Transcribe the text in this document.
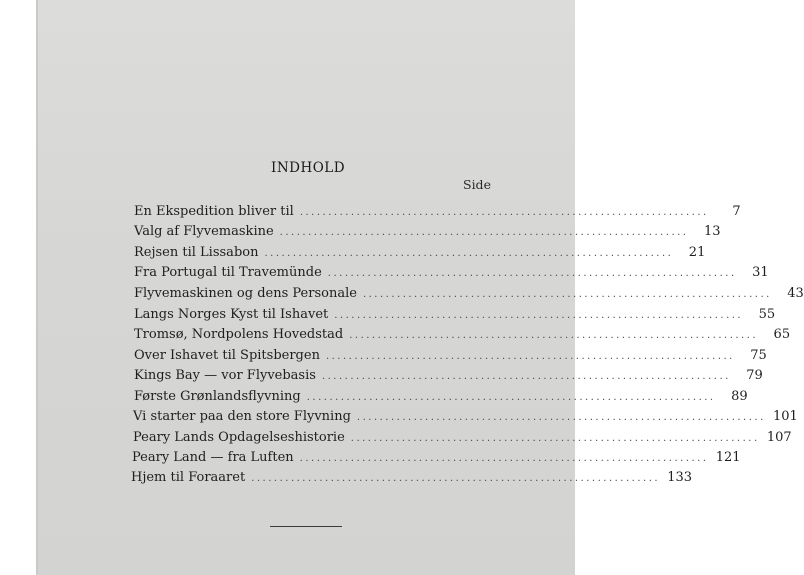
INDHOLD
Side
En Ekspedition bliver til ........................................................................	7
Valg af Flyvemaskine ........................................................................	13
Rejsen til Lissabon ........................................................................	21
Fra Portugal til Travemünde ........................................................................	31
Flyvemaskinen og dens Personale ........................................................................	43
Langs Norges Kyst til Ishavet ........................................................................	55
Tromsø, Nordpolens Hovedstad ........................................................................	65
Over Ishavet til Spitsbergen ........................................................................	75
Kings Bay — vor Flyvebasis ........................................................................	79
Første Grønlandsflyvning ........................................................................	89
Vi starter paa den store Flyvning ........................................................................ 101
Peary Lands Opdagelseshistorie ........................................................................ 107
Peary Land — fra Luften ........................................................................ 121
Hjem til Foraaret ........................................................................ 133
